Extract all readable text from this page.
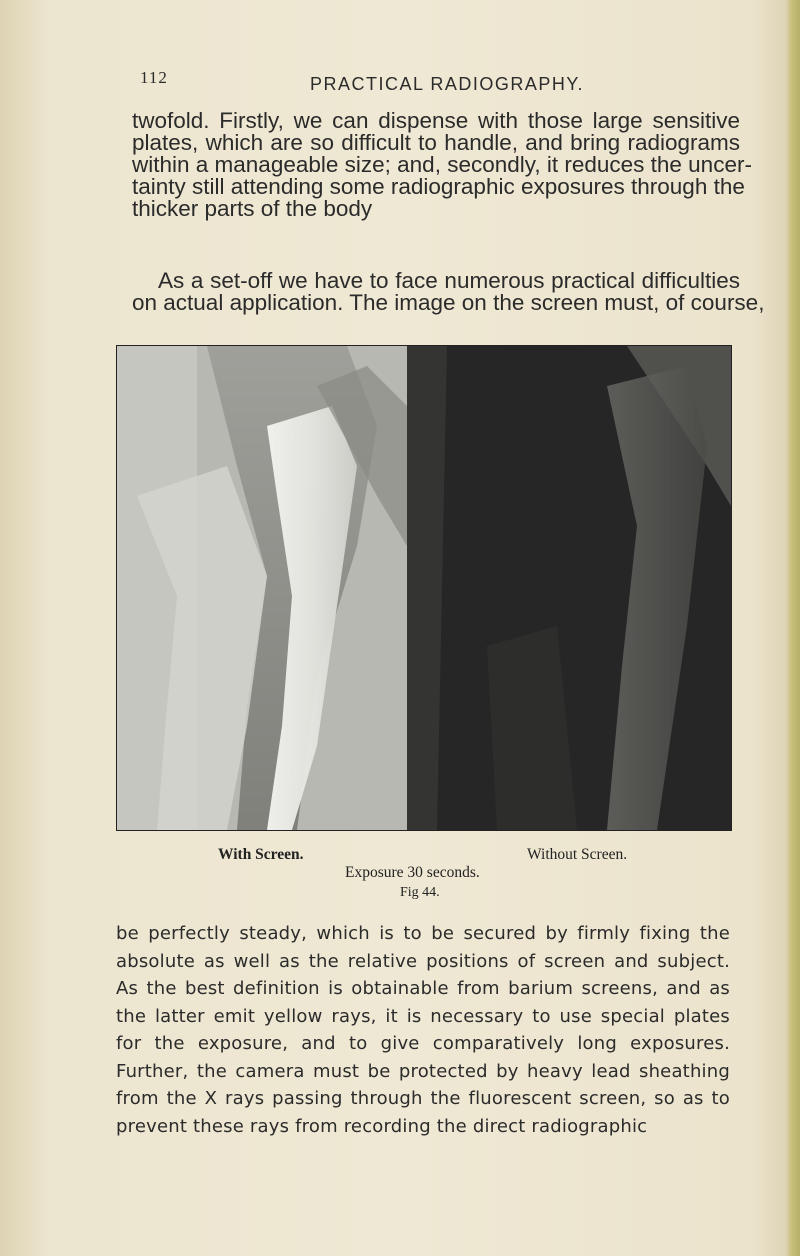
112	PRACTICAL RADIOGRAPHY.

twofold. Firstly, we can dispense with those large sensitive
plates, which are so difficult to handle, and bring radiograms
within a manageable size; and, secondly, it reduces the uncer-
tainty still attending some radiographic exposures through the
thicker parts of the body

As a set-off we have to face numerous practical difficulties
on actual application. The image on the screen must, of course,

With Screen.	Without Screen.
Exposure 30 seconds.
Fig 44.

be perfectly steady, which is to be secured by firmly fixing the
absolute as well as the relative positions of screen and subject.
As the best definition is obtainable from barium screens, and as
the latter emit yellow rays, it is necessary to use special plates
for the exposure, and to give comparatively long exposures.
Further, the camera must be protected by heavy lead sheathing
from the X rays passing through the fluorescent screen, so as to
prevent these rays from recording the direct radiographic
